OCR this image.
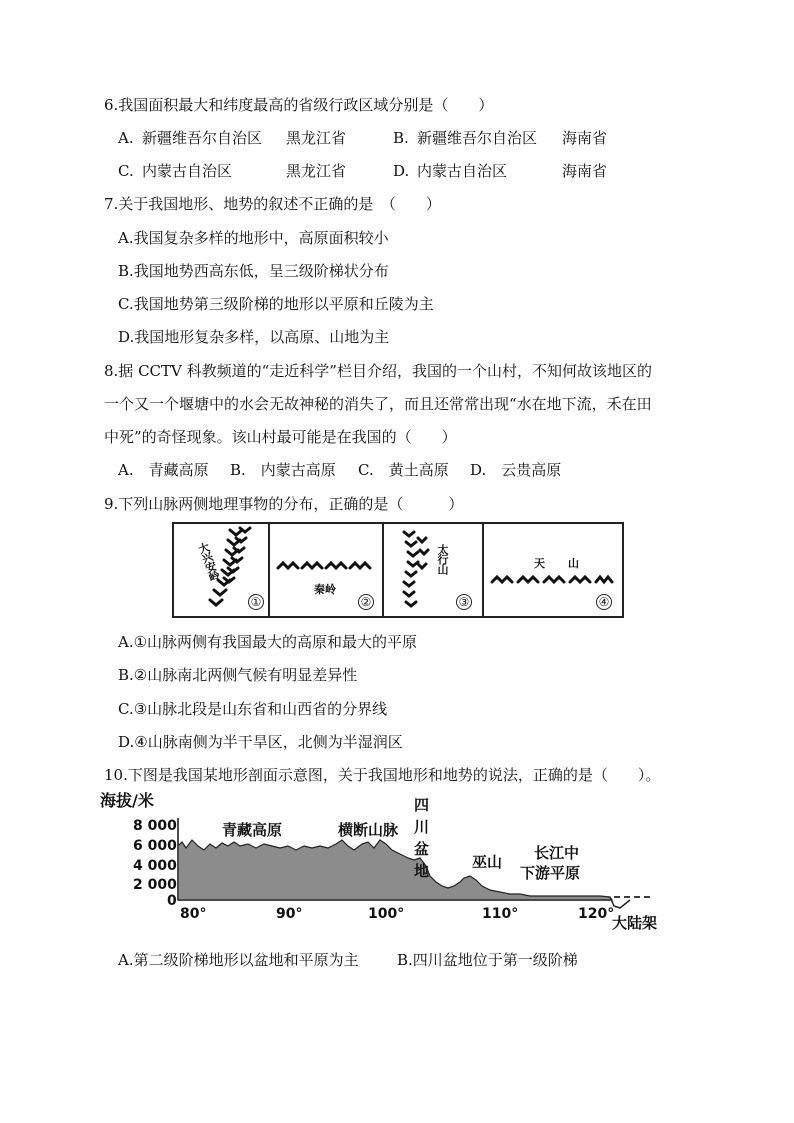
6.我国面积最大和纬度最高的省级行政区域分别是（　　）
A. 新疆维吾尔自治区 黑龙江省	B. 新疆维吾尔自治区 海南省
C. 内蒙古自治区	黑龙江省	D. 内蒙古自治区	海南省
7.关于我国地形、地势的叙述不正确的是　（　　）
A.我国复杂多样的地形中，高原面积较小
B.我国地势西高东低，呈三级阶梯状分布
C.我国地势第三级阶梯的地形以平原和丘陵为主
D.我国地形复杂多样，以高原、山地为主
8.据 CCTV 科教频道的“走近科学”栏目介绍，我国的一个山村，不知何故该地区的
一个又一个堰塘中的水会无故神秘的消失了，而且还常常出现“水在地下流，禾在田
中死”的奇怪现象。该山村最可能是在我国的（　　）
A.　青藏高原 B.　内蒙古高原 C.　黄土高原 D.　云贵高原
9.下列山脉两侧地理事物的分布，正确的是（　　　）
大兴安岭
①
秦岭
②
太行山
③
天　山
④
A.①山脉两侧有我国最大的高原和最大的平原
B.②山脉南北两侧气候有明显差异性
C.③山脉北段是山东省和山西省的分界线
D.④山脉南侧为半干旱区，北侧为半湿润区
10.下图是我国某地形剖面示意图，关于我国地形和地势的说法，正确的是（　　）。
海拔/米
8 000
6 000
4 000
2 000
0
80°	90°	100°	110°	120°
青藏高原	横断山脉
四
川
盆
地	巫山 长江中
下游平原
大陆架
A.第二级阶梯地形以盆地和平原为主	B.四川盆地位于第一级阶梯
